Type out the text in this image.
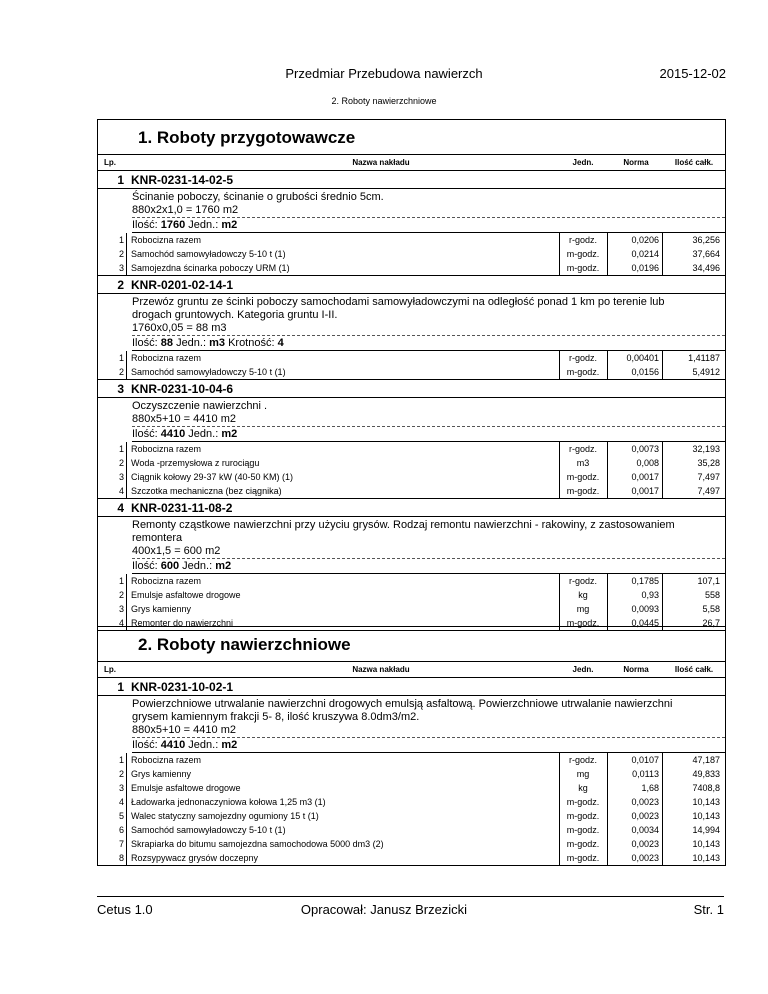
Przedmiar Przebudowa nawierzch	2015-12-02
2. Roboty nawierzchniowe
1. Roboty przygotowawcze
Lp.	Nazwa nakładu	Jedn.	Norma	Ilość całk.
1 KNR-0231-14-02-5
Ścinanie poboczy, ścinanie o grubości średnio 5cm.
880x2x1,0 = 1760 m2
Ilość: 1760 Jedn.: m2
1 Robocizna razem	r-godz.	0,0206	36,256
2 Samochód samowyładowczy 5-10 t (1)	m-godz.	0,0214	37,664
3 Samojezdna ścinarka poboczy URM (1)	m-godz.	0,0196	34,496
2 KNR-0201-02-14-1
Przewóz gruntu ze ścinki poboczy samochodami samowyładowczymi na odległość ponad 1 km po terenie lub
drogach gruntowych. Kategoria gruntu I-II.
1760x0,05 = 88 m3
Ilość: 88 Jedn.: m3 Krotność: 4
1 Robocizna razem	r-godz.	0,00401	1,41187
2 Samochód samowyładowczy 5-10 t (1)	m-godz.	0,0156	5,4912
3 KNR-0231-10-04-6
Oczyszczenie nawierzchni .
880x5+10 = 4410 m2
Ilość: 4410 Jedn.: m2
1 Robocizna razem	r-godz.	0,0073	32,193
2 Woda -przemysłowa z rurociągu	m3	0,008	35,28
3 Ciągnik kołowy 29-37 kW (40-50 KM) (1)	m-godz.	0,0017	7,497
4 Szczotka mechaniczna (bez ciągnika)	m-godz.	0,0017	7,497
4 KNR-0231-11-08-2
Remonty cząstkowe nawierzchni przy użyciu grysów. Rodzaj remontu nawierzchni - rakowiny, z zastosowaniem
remontera
400x1,5 = 600 m2
Ilość: 600 Jedn.: m2
1 Robocizna razem	r-godz.	0,1785	107,1
2 Emulsje asfaltowe drogowe	kg	0,93	558
3 Grys kamienny	mg	0,0093	5,58
4 Remonter do nawierzchni	m-godz.	0,0445	26,7
2. Roboty nawierzchniowe
Lp.	Nazwa nakładu	Jedn.	Norma	Ilość całk.
1 KNR-0231-10-02-1
Powierzchniowe utrwalanie nawierzchni drogowych emulsją asfaltową. Powierzchniowe utrwalanie nawierzchni
grysem kamiennym frakcji 5- 8, ilość kruszywa 8.0dm3/m2.
880x5+10 = 4410 m2
Ilość: 4410 Jedn.: m2
1 Robocizna razem	r-godz.	0,0107	47,187
2 Grys kamienny	mg	0,0113	49,833
3 Emulsje asfaltowe drogowe	kg	1,68	7408,8
4 Ładowarka jednonaczyniowa kołowa 1,25 m3 (1)	m-godz.	0,0023	10,143
5 Walec statyczny samojezdny ogumiony 15 t (1)	m-godz.	0,0023	10,143
6 Samochód samowyładowczy 5-10 t (1)	m-godz.	0,0034	14,994
7 Skrapiarka do bitumu samojezdna samochodowa 5000 dm3 (2)	m-godz.	0,0023	10,143
8 Rozsypywacz grysów doczepny	m-godz.	0,0023	10,143
Cetus 1.0	Opracował: Janusz Brzezicki	Str. 1
